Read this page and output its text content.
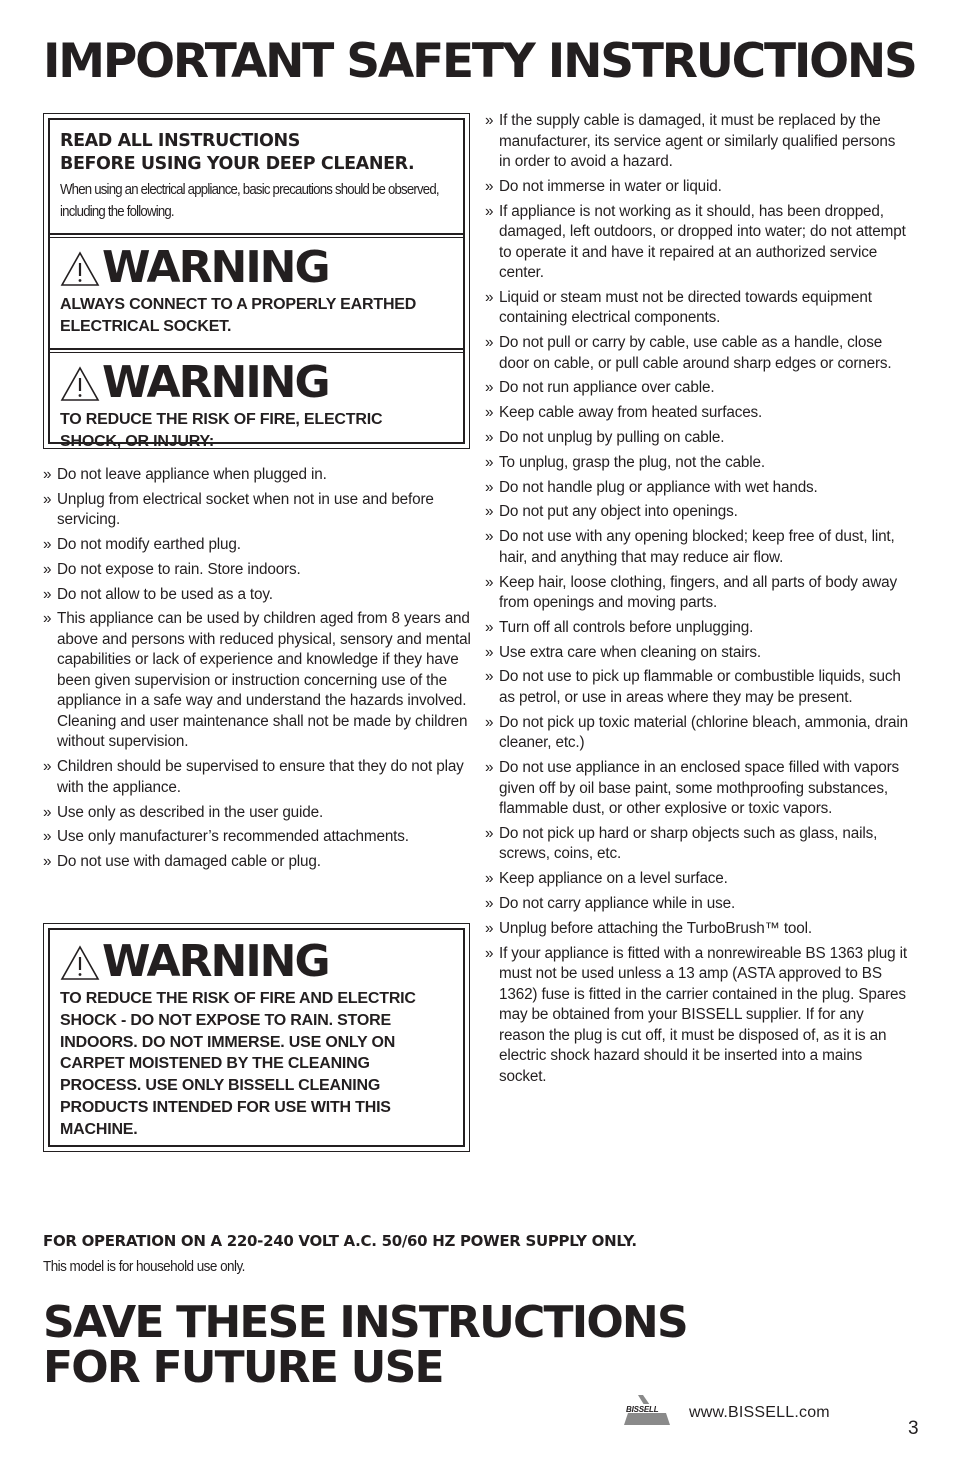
IMPORTANT SAFETY INSTRUCTIONS

READ ALL INSTRUCTIONS
BEFORE USING YOUR DEEP CLEANER.

When using an electrical appliance, basic precautions should be observed, including the following.

WARNING

ALWAYS CONNECT TO A PROPERLY EARTHED ELECTRICAL SOCKET.

WARNING

TO REDUCE THE RISK OF FIRE, ELECTRIC SHOCK, OR INJURY:

» Do not leave appliance when plugged in.
» Unplug from electrical socket when not in use and before servicing.
» Do not modify earthed plug.
» Do not expose to rain. Store indoors.
» Do not allow to be used as a toy.
» This appliance can be used by children aged from 8 years and above and persons with reduced physical, sensory and mental capabilities or lack of experience and knowledge if they have been given supervision or instruction concerning use of the appliance in a safe way and understand the hazards involved. Cleaning and user maintenance shall not be made by children without supervision.
» Children should be supervised to ensure that they do not play with the appliance.
» Use only as described in the user guide.
» Use only manufacturer’s recommended attachments.
» Do not use with damaged cable or plug.
WARNING

TO REDUCE THE RISK OF FIRE AND ELECTRIC SHOCK - DO NOT EXPOSE TO RAIN. STORE INDOORS. DO NOT IMMERSE. USE ONLY ON CARPET MOISTENED BY THE CLEANING PROCESS. USE ONLY BISSELL CLEANING PRODUCTS INTENDED FOR USE WITH THIS MACHINE.

» If the supply cable is damaged, it must be replaced by the manufacturer, its service agent or similarly qualified persons in order to avoid a hazard.
» Do not immerse in water or liquid.
» If appliance is not working as it should, has been dropped, damaged, left outdoors, or dropped into water; do not attempt to operate it and have it repaired at an authorized service center.
» Liquid or steam must not be directed towards equipment containing electrical components.
» Do not pull or carry by cable, use cable as a handle, close door on cable, or pull cable around sharp edges or corners.
» Do not run appliance over cable.
» Keep cable away from heated surfaces.
» Do not unplug by pulling on cable.
» To unplug, grasp the plug, not the cable.
» Do not handle plug or appliance with wet hands.
» Do not put any object into openings.
» Do not use with any opening blocked; keep free of dust, lint, hair, and anything that may reduce air flow.
» Keep hair, loose clothing, fingers, and all parts of body away from openings and moving parts.
» Turn off all controls before unplugging.
» Use extra care when cleaning on stairs.
» Do not use to pick up flammable or combustible liquids, such as petrol, or use in areas where they may be present.
» Do not pick up toxic material (chlorine bleach, ammonia, drain cleaner, etc.)
» Do not use appliance in an enclosed space filled with vapors given off by oil base paint, some mothproofing substances, flammable dust, or other explosive or toxic vapors.
» Do not pick up hard or sharp objects such as glass, nails, screws, coins, etc.
» Keep appliance on a level surface.
» Do not carry appliance while in use.
» Unplug before attaching the TurboBrush™ tool.
» If your appliance is fitted with a nonrewireable BS 1363 plug it must not be used unless a 13 amp (ASTA approved to BS 1362) fuse is fitted in the carrier contained in the plug. Spares may be obtained from your BISSELL supplier. If for any reason the plug is cut off, it must be disposed of, as it is an electric shock hazard should it be inserted into a mains socket.

FOR OPERATION ON A 220-240 VOLT A.C. 50/60 HZ POWER SUPPLY ONLY.

This model is for household use only.

SAVE THESE INSTRUCTIONS
FOR FUTURE USE
BISSELL www.BISSELL.com
3
